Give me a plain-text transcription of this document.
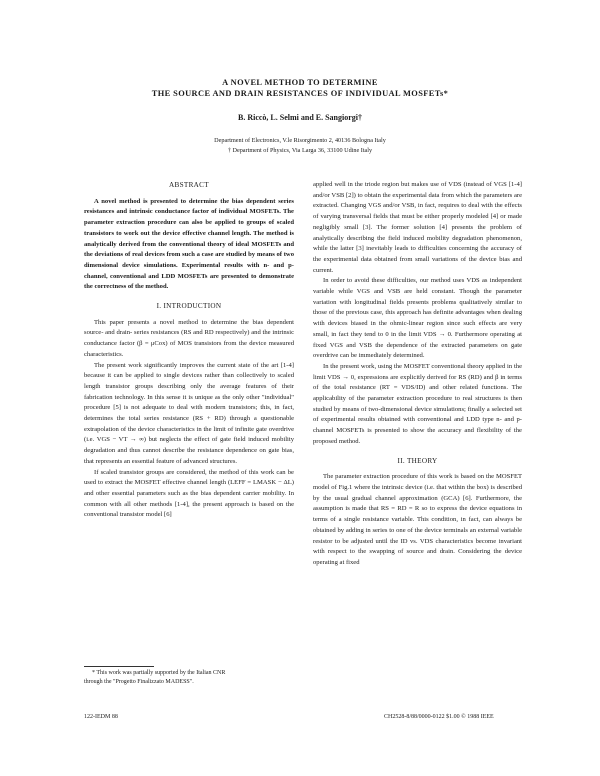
A NOVEL METHOD TO DETERMINE
THE SOURCE AND DRAIN RESISTANCES OF INDIVIDUAL MOSFETs*
B. Riccò, L. Selmi and E. Sangiorgi†
Department of Electronics, V.le Risorgimento 2, 40136 Bologna Italy
† Department of Physics, Via Larga 36, 33100 Udine Italy
ABSTRACT

A novel method is presented to determine the bias dependent series resistances and intrinsic conductance factor of individual MOSFETs. The parameter extraction procedure can also be applied to groups of scaled transistors to work out the device effective channel length. The method is analytically derived from the conventional theory of ideal MOSFETs and the deviations of real devices from such a case are studied by means of two dimensional device simulations. Experimental results with n- and p- channel, conventional and LDD MOSFETs are presented to demonstrate the correctness of the method.

I. INTRODUCTION

This paper presents a novel method to determine the bias dependent source- and drain- series resistances (RS and RD respectively) and the intrinsic conductance factor (β = μCox) of MOS transistors from the device measured characteristics.

The present work significantly improves the current state of the art [1-4] because it can be applied to single devices rather than collectively to scaled length transistor groups describing only the average features of their fabrication technology. In this sense it is unique as the only other "individual" procedure [5] is not adequate to deal with modern transistors; this, in fact, determines the total series resistance (RS + RD) through a questionable extrapolation of the device characteristics in the limit of infinite gate overdrive (i.e. VGS − VT → ∞) but neglects the effect of gate field induced mobility degradation and thus cannot describe the resistance dependence on gate bias, that represents an essential feature of advanced structures.

If scaled transistor groups are considered, the method of this work can be used to extract the MOSFET effective channel length (LEFF = LMASK − ΔL) and other essential parameters such as the bias dependent carrier mobility. In common with all other methods [1-4], the present approach is based on the conventional transistor model [6]

* This work was partially supported by the Italian CNR
through the "Progetto Finalizzato MADESS".

applied well in the triode region but makes use of VDS (instead of VGS [1-4] and/or VSB [2]) to obtain the experimental data from which the parameters are extracted. Changing VGS and/or VSB, in fact, requires to deal with the effects of varying transversal fields that must be either properly modeled [4] or made negligibly small [3]. The former solution [4] presents the problem of analytically describing the field induced mobility degradation phenomenon, while the latter [3] inevitably leads to difficulties concerning the accuracy of the experimental data obtained from small variations of the device bias and current.

In order to avoid these difficulties, our method uses VDS as independent variable while VGS and VSB are held constant. Though the parameter variation with longitudinal fields presents problems qualitatively similar to those of the previous case, this approach has definite advantages when dealing with devices biased in the ohmic-linear region since such effects are very small, in fact they tend to 0 in the limit VDS → 0. Furthermore operating at fixed VGS and VSB the dependence of the extracted parameters on gate overdrive can be immediately determined.

In the present work, using the MOSFET conventional theory applied in the limit VDS → 0, expressions are explicitly derived for RS (RD) and β in terms of the total resistance (RT = VDS/ID) and other related functions. The applicability of the parameter extraction procedure to real structures is then studied by means of two-dimensional device simulations; finally a selected set of experimental results obtained with conventional and LDD type n- and p- channel MOSFETs is presented to show the accuracy and flexibility of the proposed method.

II. THEORY

The parameter extraction procedure of this work is based on the MOSFET model of Fig.1 where the intrinsic device (i.e. that within the box) is described by the usual gradual channel approximation (GCA) [6]. Furthermore, the assumption is made that RS = RD = R so to express the device equations in terms of a single resistance variable. This condition, in fact, can always be obtained by adding in series to one of the device terminals an external variable resistor to be adjusted until the ID vs. VDS characteristics become invariant with respect to the swapping of source and drain. Considering the device operating at fixed

122-IEDM 88	CH2528-8/88/0000-0122 $1.00 © 1988 IEEE
